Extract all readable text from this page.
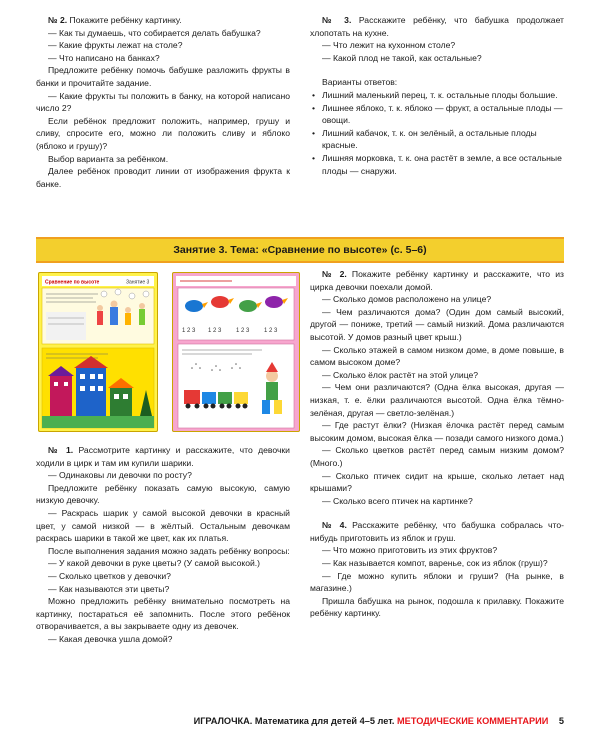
№ 2. Покажите ребёнку картинку.

— Как ты думаешь, что собирается делать бабушка?

— Какие фрукты лежат на столе?

— Что написано на банках?

Предложите ребёнку помочь бабушке разложить фрукты в банки и прочитайте задание.

— Какие фрукты ты положить в банку, на которой написано число 2?

Если ребёнок предложит положить, например, грушу и сливу, спросите его, можно ли положить сливу и яблоко (яблоко и грушу)?

Выбор варианта за ребёнком.

Далее ребёнок проводит линии от изображения фрукта к банке.

№ 3. Расскажите ребёнку, что бабушка продолжает хлопотать на кухне.

— Что лежит на кухонном столе?

— Какой плод не такой, как остальные?

Варианты ответов:

• Лишний маленький перец, т. к. остальные плоды большие.
• Лишнее яблоко, т. к. яблоко — фрукт, а остальные плоды — овощи.
• Лишний кабачок, т. к. он зелёный, а остальные плоды красные.
• Лишняя морковка, т. к. она растёт в земле, а все остальные плоды — снаружи.
Занятие 3. Тема: «Сравнение по высоте» (с. 5–6)
Сравнение по высоте	Занятие 3
1 2 3 1 2 3 1 2 3 1 2 3

№ 2. Покажите ребёнку картинку и расскажите, что из цирка девочки поехали домой.

— Сколько домов расположено на улице?

— Чем различаются дома? (Один дом самый высокий, другой — пониже, третий — самый низкий. Дома различаются высотой. У домов разный цвет крыш.)

— Сколько этажей в самом низком доме, в доме повыше, в самом высоком доме?

— Сколько ёлок растёт на этой улице?

— Чем они различаются? (Одна ёлка высокая, другая — низкая, т. е. ёлки различаются высотой. Одна ёлка тёмно-зелёная, другая — светло-зелёная.)

— Где растут ёлки? (Низкая ёлочка растёт перед самым высоким домом, высокая ёлка — позади самого низкого дома.)

— Сколько цветков растёт перед самым низким домом? (Много.)

— Сколько птичек сидит на крыше, сколько летает над крышами?

— Сколько всего птичек на картинке?

№ 4. Расскажите ребёнку, что бабушка собралась что-нибудь приготовить из яблок и груш.

— Что можно приготовить из этих фруктов?

— Как называется компот, варенье, сок из яблок (груш)?

— Где можно купить яблоки и груши? (На рынке, в магазине.)

Пришла бабушка на рынок, подошла к прилавку. Покажите ребёнку картинку.

№ 1. Рассмотрите картинку и расскажите, что девочки ходили в цирк и там им купили шарики.

— Одинаковы ли девочки по росту?

Предложите ребёнку показать самую высокую, самую низкую девочку.

— Раскрась шарик у самой высокой девочки в красный цвет, у самой низкой — в жёлтый. Остальным девочкам раскрась шарики в такой же цвет, как их платья.

После выполнения задания можно задать ребёнку вопросы:

— У какой девочки в руке цветы? (У самой высокой.)

— Сколько цветков у девочки?

— Как называются эти цветы?

Можно предложить ребёнку внимательно посмотреть на картинку, постараться её запомнить. После этого ребёнок отворачивается, а вы закрываете одну из девочек.

— Какая девочка ушла домой?

ИГРАЛОЧКА. Математика для детей 4–5 лет. МЕТОДИЧЕСКИЕ КОММЕНТАРИИ 5
